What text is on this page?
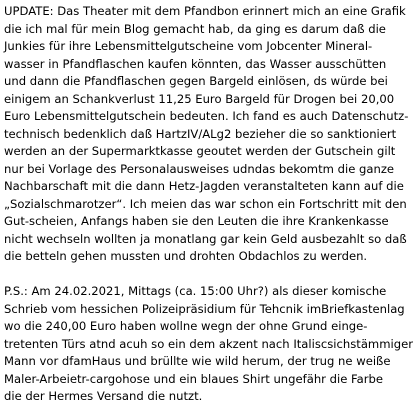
UPDATE: Das Theater mit dem Pfandbon erinnert mich an eine Grafik
die ich mal für mein Blog gemacht hab, da ging es darum daß die
Junkies für ihre Lebensmittelgutscheine vom Jobcenter Mineral-
wasser in Pfandflaschen kaufen könnten, das Wasser ausschütten
und dann die Pfandflaschen gegen Bargeld einlösen, ds würde bei
einigem an Schankverlust 11,25 Euro Bargeld für Drogen bei 20,00
Euro Lebensmittelgutschein bedeuten. Ich fand es auch Datenschutz-
technisch bedenklich daß HartzIV/ALg2 bezieher die so sanktioniert
werden an der Supermarktkasse geoutet werden der Gutschein gilt
nur bei Vorlage des Personalausweises udndas bekomtm die ganze
Nachbarschaft mit die dann Hetz-Jagden veranstalteten kann auf die
„Sozialschmarotzer“. Ich meien das war schon ein Fortschritt mit den
Gut-scheien, Anfangs haben sie den Leuten die ihre Krankenkasse
nicht wechseln wollten ja monatlang gar kein Geld ausbezahlt so daß
die betteln gehen mussten und drohten Obdachlos zu werden.

P.S.: Am 24.02.2021, Mittags (ca. 15:00 Uhr?) als dieser komische
Schrieb vom hessichen Polizeipräsidium für Tehcnik imBriefkastenlag
wo die 240,00 Euro haben wollne wegn der ohne Grund einge-
tretenten Türs atnd acuh so ein dem akzent nach Italiscsichstämmiger
Mann vor dfamHaus und brüllte wie wild herum, der trug ne weiße
Maler-Arbeietr-cargohose und ein blaues Shirt ungefähr die Farbe
die der Hermes Versand die nutzt.
